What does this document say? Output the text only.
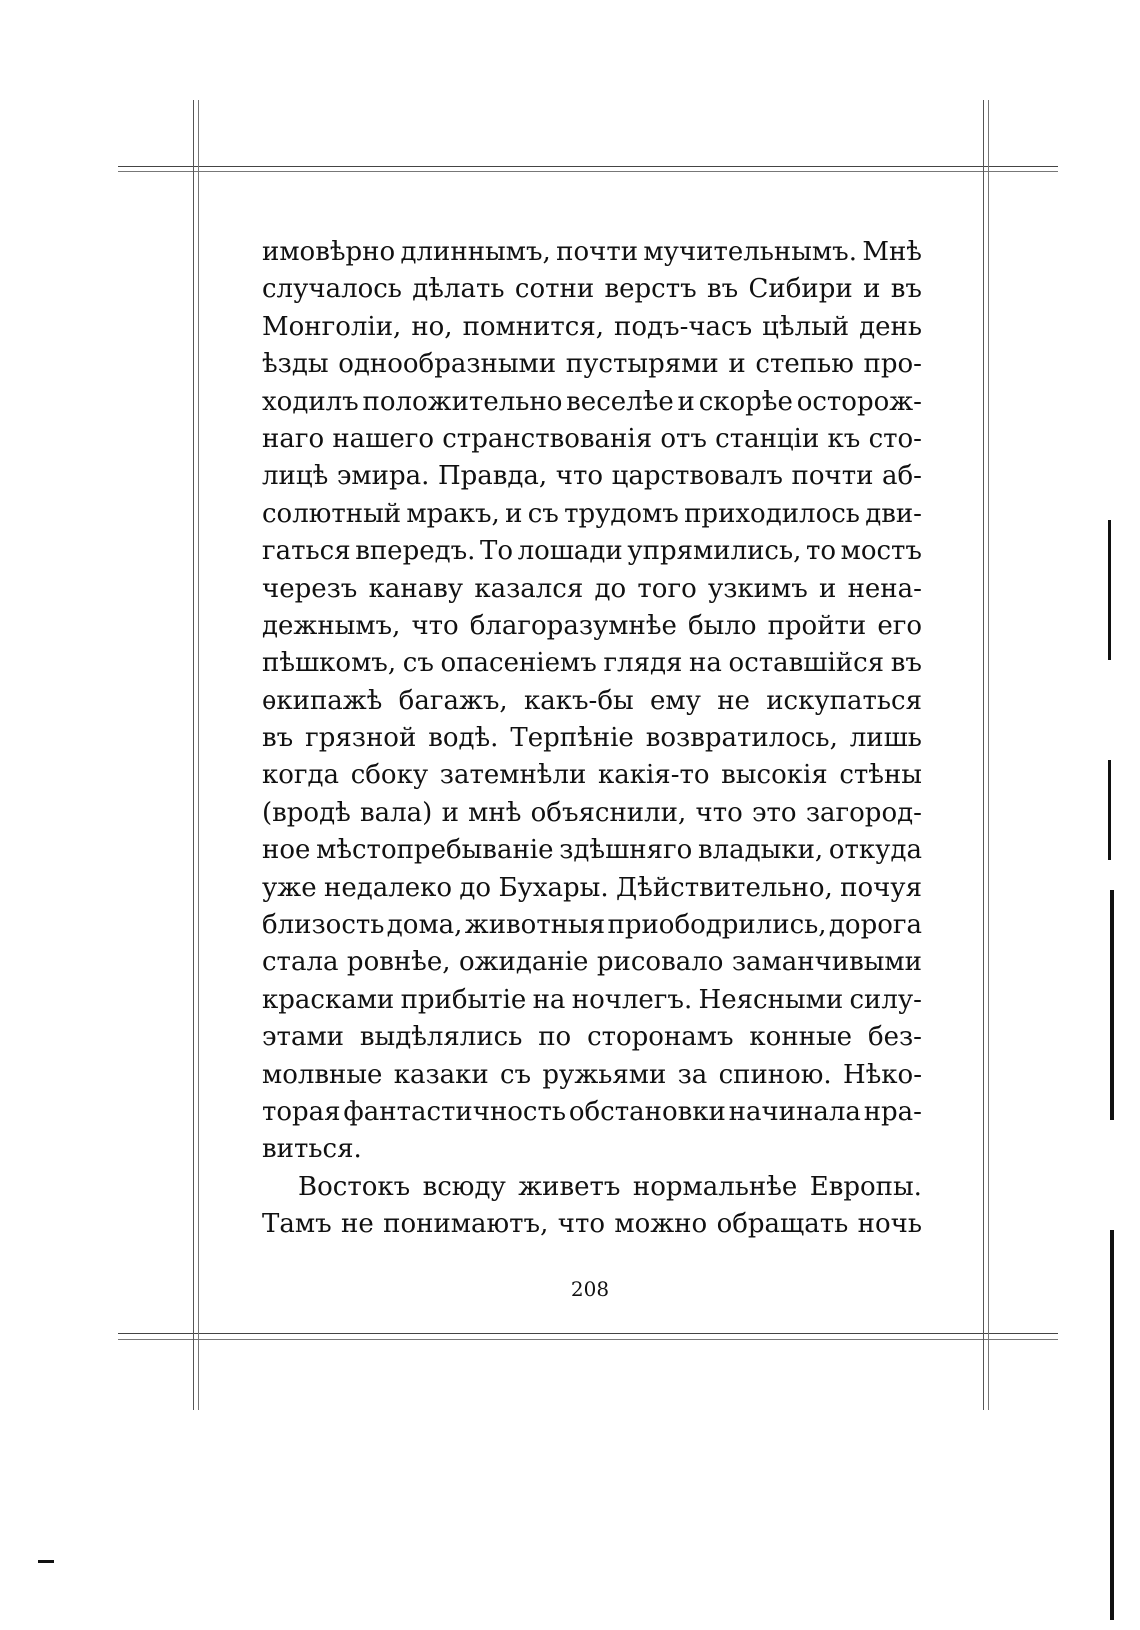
имовѣрно длиннымъ, почти мучительнымъ. Мнѣ
случалось дѣлать сотни верстъ въ Сибири и въ
Монголіи, но, помнится, подъ-часъ цѣлый день
ѣзды однообразными пустырями и степью про-
ходилъ положительно веселѣе и скорѣе осторож-
наго нашего странствованія отъ станціи къ сто-
лицѣ эмира. Правда, что царствовалъ почти аб-
солютный мракъ, и съ трудомъ приходилось дви-
гаться впередъ. То лошади упрямились, то мостъ
черезъ канаву казался до того узкимъ и нена-
дежнымъ, что благоразумнѣе было пройти его
пѣшкомъ, съ опасеніемъ глядя на оставшійся въ
ѳкипажѣ багажъ, какъ-бы ему не искупаться
въ грязной водѣ. Терпѣніе возвратилось, лишь
когда сбоку затемнѣли какія-то высокія стѣны
(вродѣ вала) и мнѣ объяснили, что это загород-
ное мѣстопребываніе здѣшняго владыки, откуда
уже недалеко до Бухары. Дѣйствительно, почуя
близость дома, животныя приободрились, дорога
стала ровнѣе, ожиданіе рисовало заманчивыми
красками прибытіе на ночлегъ. Неясными силу-
этами выдѣлялись по сторонамъ конные без-
молвные казаки съ ружьями за спиною. Нѣко-
торая фантастичность обстановки начинала нра-
виться.
Востокъ всюду живетъ нормальнѣе Европы.
Тамъ не понимаютъ, что можно обращать ночь
208
